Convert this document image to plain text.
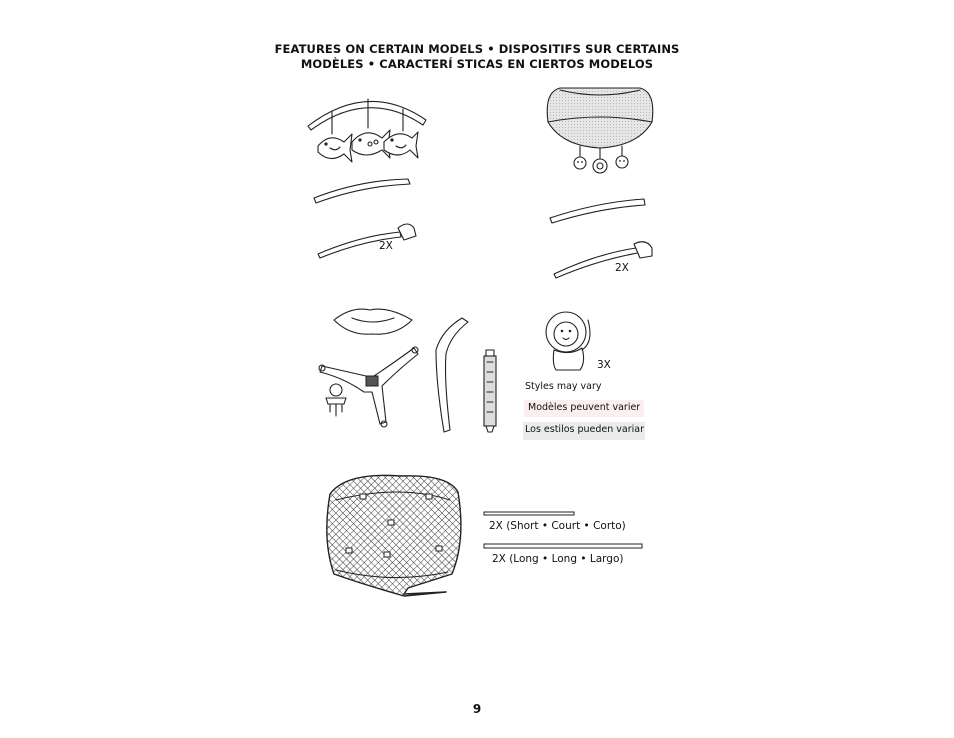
FEATURES ON CERTAIN MODELS • DISPOSITIFS SUR CERTAINS
MODÈLES • CARACTERÍ STICAS EN CIERTOS MODELOS
2X
2X
3X
Styles may vary
Modèles peuvent varier
Los estilos pueden variar
2X (Short • Court • Corto)
2X (Long • Long • Largo)
9
